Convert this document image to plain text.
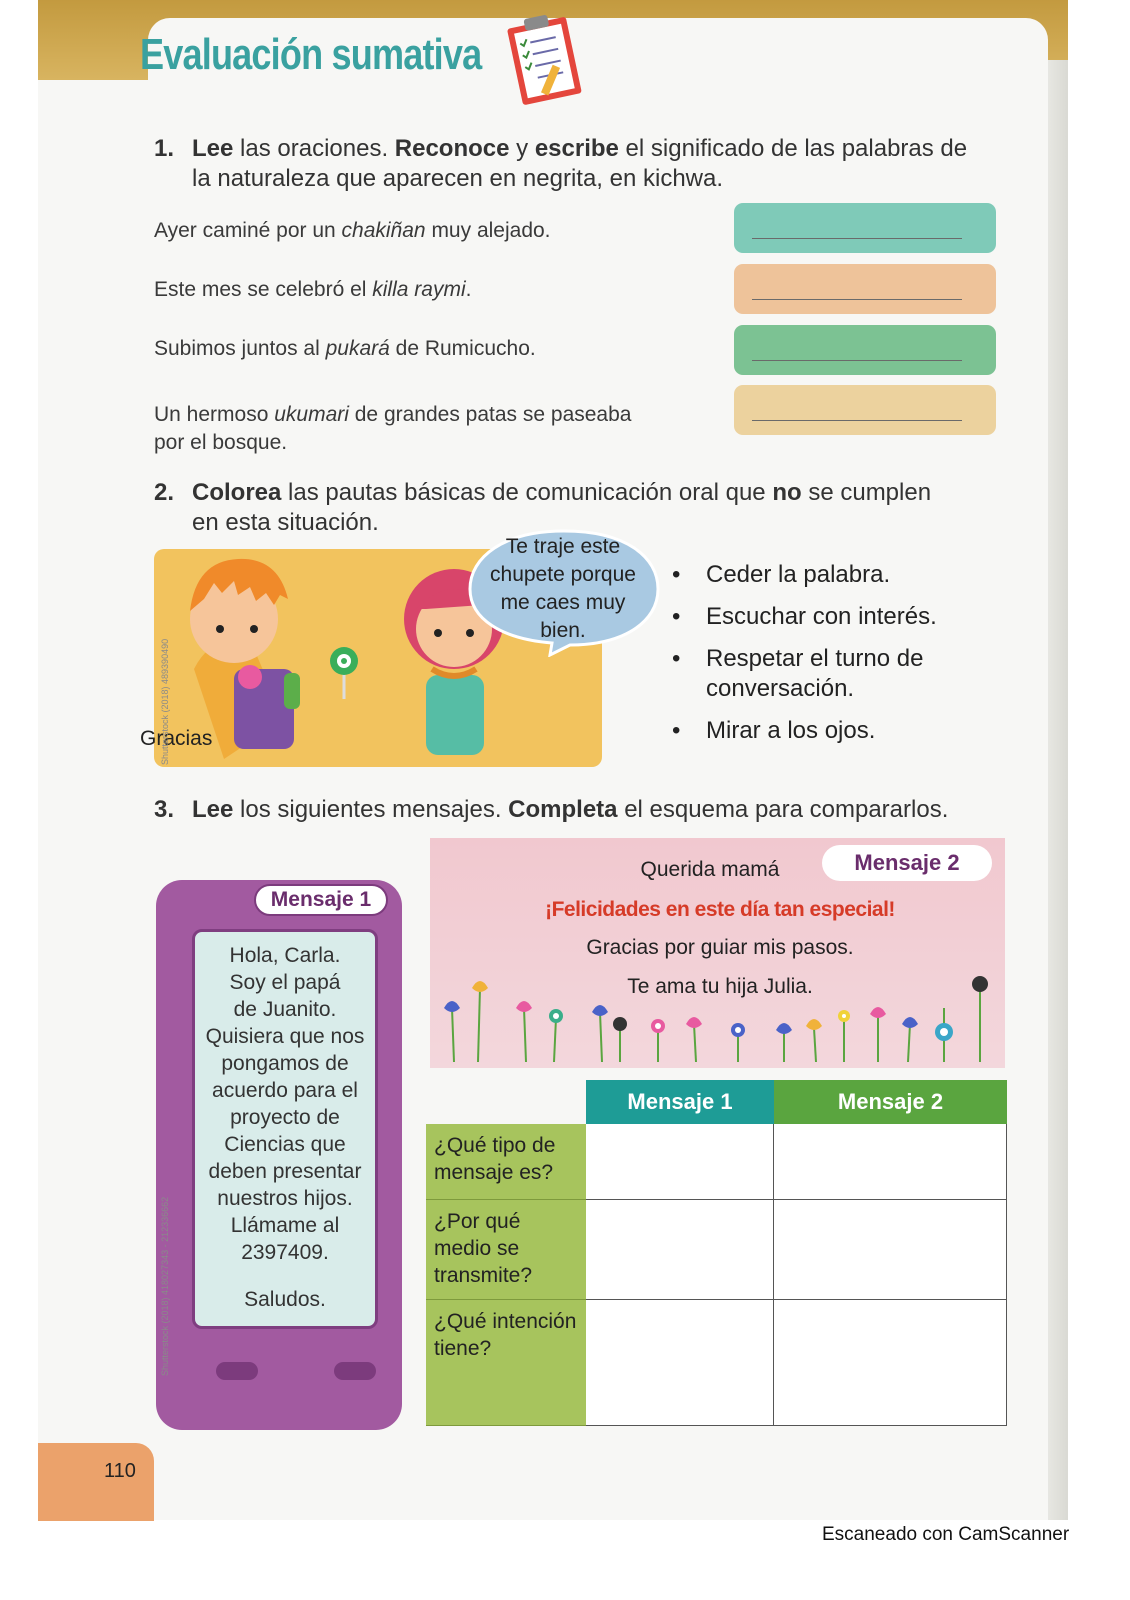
Evaluación sumativa
1. Lee las oraciones. Reconoce y escribe el significado de las palabras de
la naturaleza que aparecen en negrita, en kichwa.
Ayer caminé por un chakiñan muy alejado.
Este mes se celebró el killa raymi.
Subimos juntos al pukará de Rumicucho.
Un hermoso ukumari de grandes patas se paseaba
por el bosque.
2. Colorea las pautas básicas de comunicación oral que no se cumplen
en esta situación.
Gracias
Te traje este
chupete porque
me caes muy
bien.
• Ceder la palabra.
• Escuchar con interés.
• Respetar el turno de conversación.
• Mirar a los ojos.
Shutterstock (2018) 489390490
3. Lee los siguientes mensajes. Completa el esquema para compararlos.
Mensaje 1
Hola, Carla.
Soy el papá
de Juanito.
Quisiera que nos
pongamos de
acuerdo para el
proyecto de
Ciencias que
deben presentar
nuestros hijos.
Llámame al
2397409.
Saludos.
Shutterstock (2018) 418027343 - 212336662
Mensaje 2
Querida mamá
¡Felicidades en este día tan especial!
Gracias por guiar mis pasos.
Te ama tu hija Julia.
Mensaje 1	Mensaje 2
¿Qué tipo de mensaje es?
¿Por qué medio se transmite?
¿Qué intención tiene?
110
Escaneado con CamScanner
